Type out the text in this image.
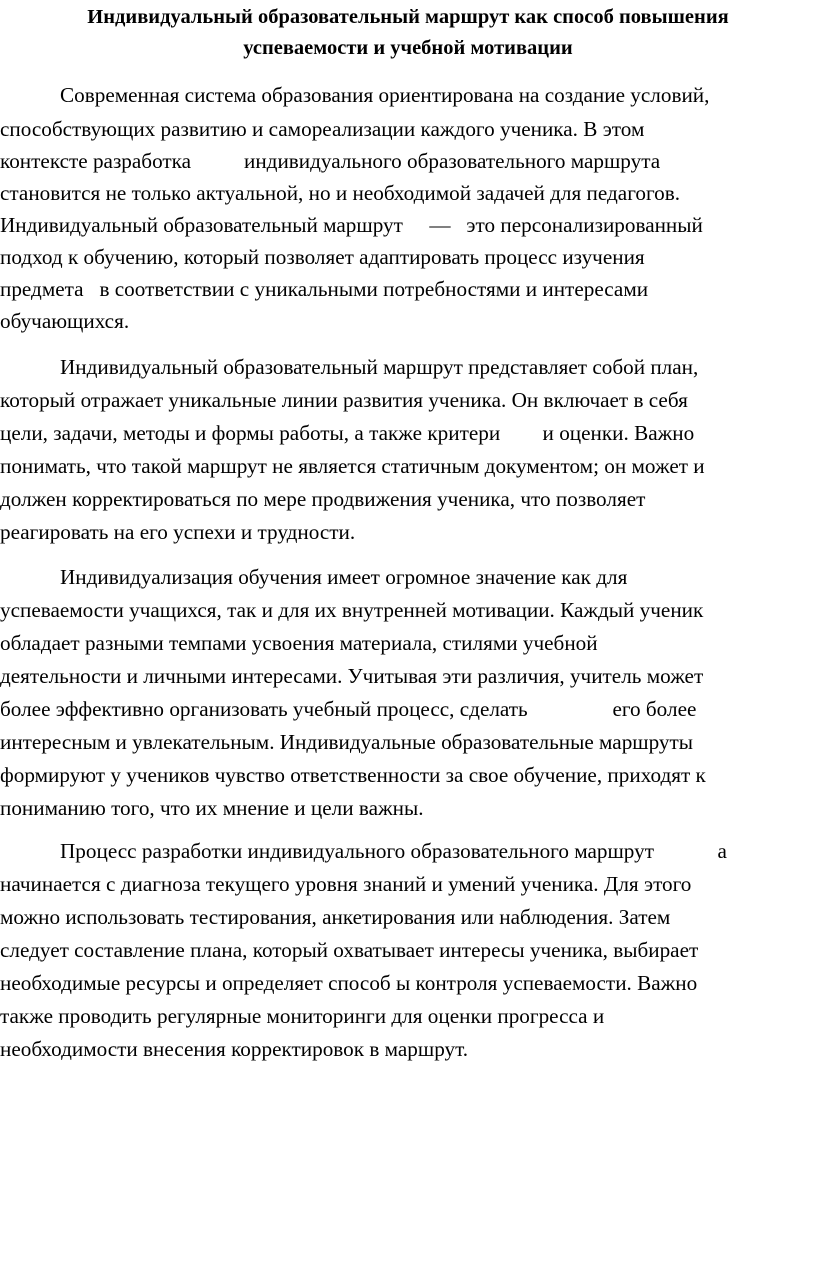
Индивидуальный образовательный маршрут как способ повышения
успеваемости и учебной мотивации
Современная система образования ориентирована на создание условий,
способствующих развитию и самореализации каждого ученика. В этом
контексте разработка          индивидуального образовательного маршрута
становится не только актуальной, но и необходимой задачей для педагогов.
Индивидуальный образовательный маршрут     —   это персонализированный
подход к обучению, который позволяет адаптировать процесс изучения
предмета   в соответствии с уникальными потребностями и интересами
обучающихся.
Индивидуальный образовательный маршрут представляет собой план,
который отражает уникальные линии развития ученика. Он включает в себя
цели, задачи, методы и формы работы, а также критери        и оценки. Важно
понимать, что такой маршрут не является статичным документом; он может и
должен корректироваться по мере продвижения ученика, что позволяет
реагировать на его успехи и трудности.
Индивидуализация обучения имеет огромное значение как для
успеваемости учащихся, так и для их внутренней мотивации. Каждый ученик
обладает разными темпами усвоения материала, стилями учебной
деятельности и личными интересами. Учитывая эти различия, учитель может
более эффективно организовать учебный процесс, сделать                его более
интересным и увлекательным. Индивидуальные образовательные маршруты
формируют у учеников чувство ответственности за свое обучение, приходят к
пониманию того, что их мнение и цели важны.
Процесс разработки индивидуального образовательного маршрут            а
начинается с диагноза текущего уровня знаний и умений ученика. Для этого
можно использовать тестирования, анкетирования или наблюдения. Затем
следует составление плана, который охватывает интересы ученика, выбирает
необходимые ресурсы и определяет способ ы контроля успеваемости. Важно
также проводить регулярные мониторинги для оценки прогресса и
необходимости внесения корректировок в маршрут.
